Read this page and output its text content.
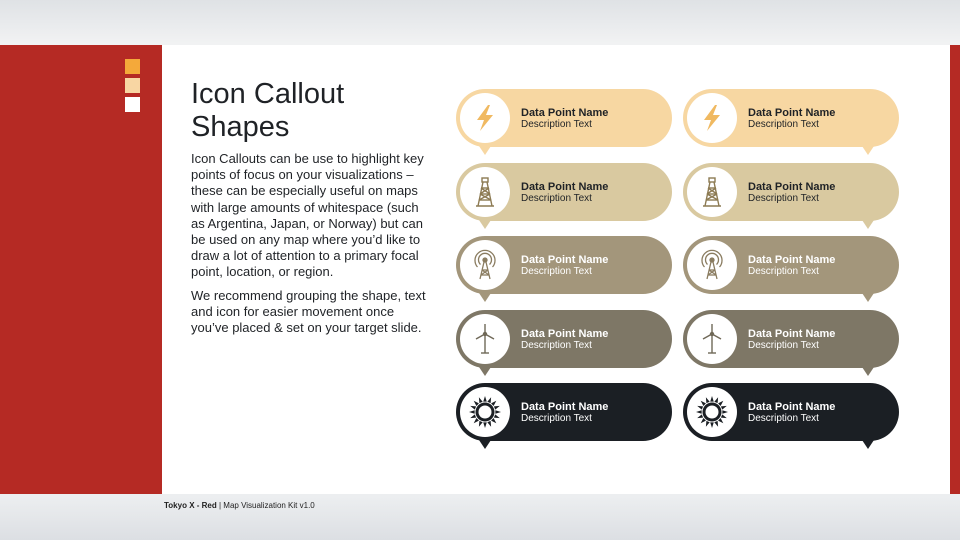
Icon Callout Shapes

Icon Callouts can be use to highlight key points of focus on your visualizations – these can be especially useful on maps with large amounts of whitespace (such as Argentina, Japan, or Norway) but can be used on any map where you’d like to draw a lot of attention to a primary focal point, location, or region.

We recommend grouping the shape, text and icon for easier movement once you’ve placed & set on your target slide.

Data Point Name
Description Text
Data Point Name
Description Text
Data Point Name
Description Text
Data Point Name
Description Text
Data Point Name
Description Text
Data Point Name
Description Text
Data Point Name
Description Text
Data Point Name
Description Text
Data Point Name
Description Text
Data Point Name
Description Text
Tokyo X - Red | Map Visualization Kit v1.0
